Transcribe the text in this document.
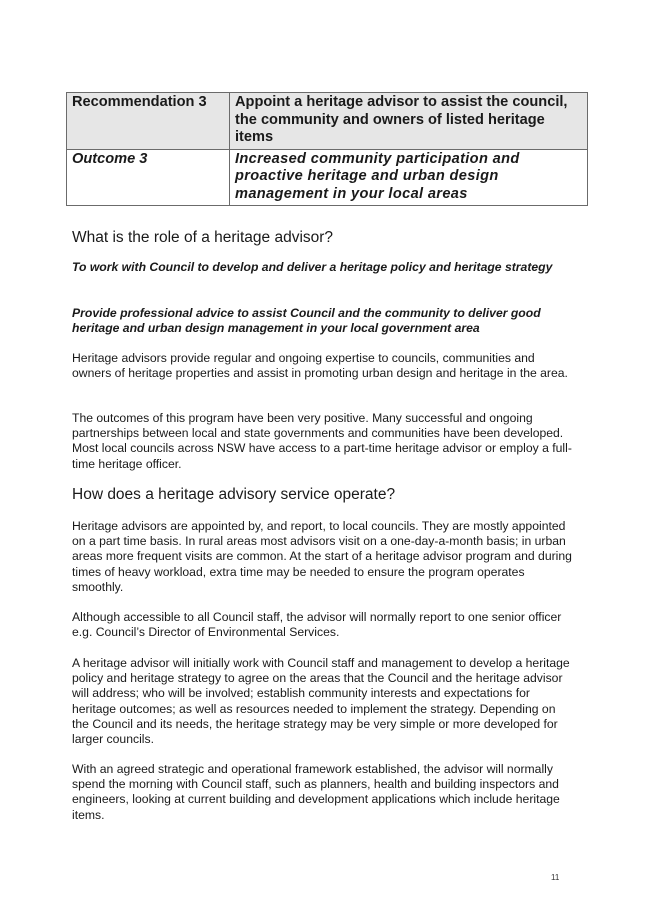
Recommendation 3	Appoint a heritage advisor to assist the council, the community and owners of listed heritage items
Outcome 3	Increased community participation and proactive heritage and urban design management in your local areas
What is the role of a heritage advisor?

To work with Council to develop and deliver a heritage policy and heritage strategy

Provide professional advice to assist Council and the community to deliver good heritage and urban design management in your local government area

Heritage advisors provide regular and ongoing expertise to councils, communities and owners of heritage properties and assist in promoting urban design and heritage in the area.

The outcomes of this program have been very positive. Many successful and ongoing partnerships between local and state governments and communities have been developed. Most local councils across NSW have access to a part-time heritage advisor or employ a full-time heritage officer.

How does a heritage advisory service operate?

Heritage advisors are appointed by, and report, to local councils. They are mostly appointed on a part time basis. In rural areas most advisors visit on a one-day-a-month basis; in urban areas more frequent visits are common. At the start of a heritage advisor program and during times of heavy workload, extra time may be needed to ensure the program operates smoothly.

Although accessible to all Council staff, the advisor will normally report to one senior officer e.g. Council’s Director of Environmental Services.

A heritage advisor will initially work with Council staff and management to develop a heritage policy and heritage strategy to agree on the areas that the Council and the heritage advisor will address; who will be involved; establish community interests and expectations for heritage outcomes; as well as resources needed to implement the strategy. Depending on the Council and its needs, the heritage strategy may be very simple or more developed for larger councils.

With an agreed strategic and operational framework established, the advisor will normally spend the morning with Council staff, such as planners, health and building inspectors and engineers, looking at current building and development applications which include heritage items.

11
